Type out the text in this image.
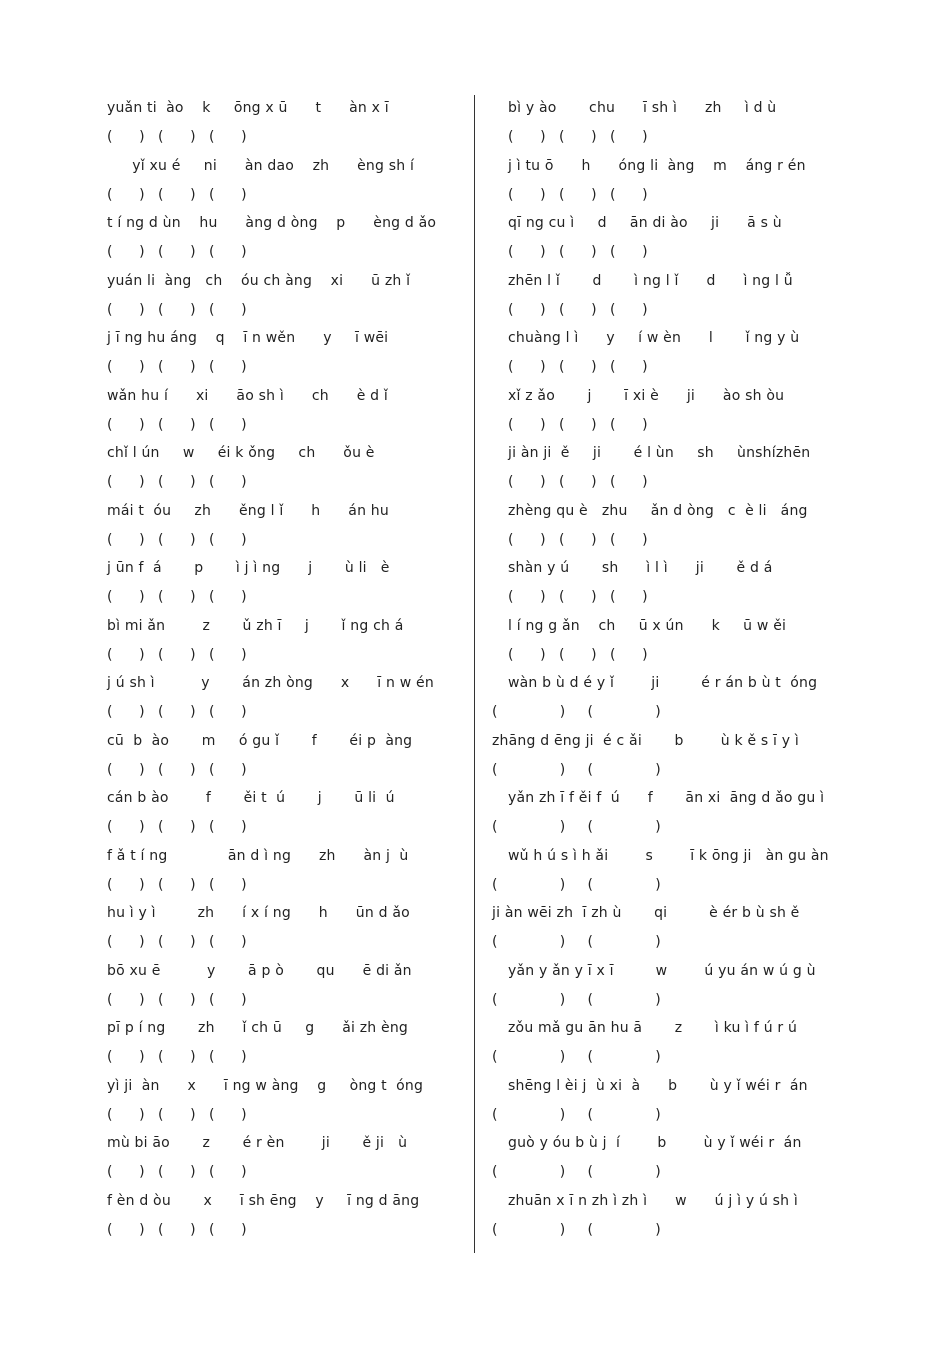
yuǎn ti  ào    k     ōng x ū      t      àn x ī
(      )   (      )   (      )
yǐ xu é     ni      àn dao    zh      èng sh í
(      )   (      )   (      )
t í ng d ùn    hu      àng d òng    p      èng d ǎo
(      )   (      )   (      )
yuán li  àng   ch    óu ch àng    xi      ū zh ǐ
(      )   (      )   (      )
j ī ng hu áng    q    ī n wěn      y     ī wēi
(      )   (      )   (      )
wǎn hu í      xi      āo sh ì      ch      è d ǐ
(      )   (      )   (      )
chǐ l ún     w     éi k ǒng     ch      ǒu è
(      )   (      )   (      )
mái t  óu     zh      ěng l ǐ      h      án hu
(      )   (      )   (      )
j ūn f  á       p       ì j ì ng      j       ù li   è
(      )   (      )   (      )
bì mi ǎn        z       ǔ zh ī     j       ǐ ng ch á
(      )   (      )   (      )
j ú sh ì          y       án zh òng      x      ī n w én
(      )   (      )   (      )
cū  b  ào       m     ó gu ǐ       f       éi p  àng
(      )   (      )   (      )
cán b ào        f       ěi t  ú       j       ū li  ú
(      )   (      )   (      )
f ǎ t í ng             ān d ì ng      zh      àn j  ù
(      )   (      )   (      )
hu ì y ì         zh      í x í ng      h      ūn d ǎo
(      )   (      )   (      )
bō xu ē          y       ā p ò       qu      ē di ǎn
(      )   (      )   (      )
pī p í ng       zh      ǐ ch ū     g      ǎi zh èng
(      )   (      )   (      )
yì ji  àn      x      ī ng w àng    g     òng t  óng
(      )   (      )   (      )
mù bi āo       z       é r èn        ji       ě ji   ù
(      )   (      )   (      )
f èn d òu       x      ī sh ēng    y     ī ng d āng
(      )   (      )   (      )
bì y ào       chu      ī sh ì      zh     ì d ù
(      )   (      )   (      )
j ì tu ō      h      óng li  àng    m    áng r én
(      )   (      )   (      )
qī ng cu ì     d     ān di ào     ji      ā s ù
(      )   (      )   (      )
zhēn l ǐ       d       ì ng l ǐ      d      ì ng l ǚ
(      )   (      )   (      )
chuàng l ì      y     í w èn      l       ǐ ng y ù
(      )   (      )   (      )
xǐ z ǎo       j       ī xi è      ji      ào sh òu
(      )   (      )   (      )
ji àn ji  ě     ji       é l ùn     sh     ùnshízhēn
(      )   (      )   (      )
zhèng qu è   zhu     ǎn d òng   c  è li   áng
(      )   (      )   (      )
shàn y ú       sh      ì l ì      ji       ě d á
(      )   (      )   (      )
l í ng g ǎn    ch     ū x ún      k     ū w ěi
(      )   (      )   (      )
wàn b ù d é y ǐ        ji         é r án b ù t  óng
(              )     (              )
zhāng d ēng ji  é c ǎi       b        ù k ě s ī y ì
(              )     (              )
yǎn zh ī f ěi f  ú      f       ān xi  āng d ǎo gu ì
(              )     (              )
wǔ h ú s ì h ǎi        s        ī k ōng ji   àn gu àn
(              )     (              )
ji àn wēi zh  ī zh ù       qi         è ér b ù sh ě
(              )     (              )
yǎn y ǎn y ī x ī         w        ú yu án w ú g ù
(              )     (              )
zǒu mǎ gu ān hu ā       z       ì ku ì f ú r ú
(              )     (              )
shēng l èi j  ù xi  à      b       ù y ǐ wéi r  án
(              )     (              )
guò y óu b ù j  í        b        ù y ǐ wéi r  án
(              )     (              )
zhuān x ī n zh ì zh ì      w      ú j ì y ú sh ì
(              )     (              )
